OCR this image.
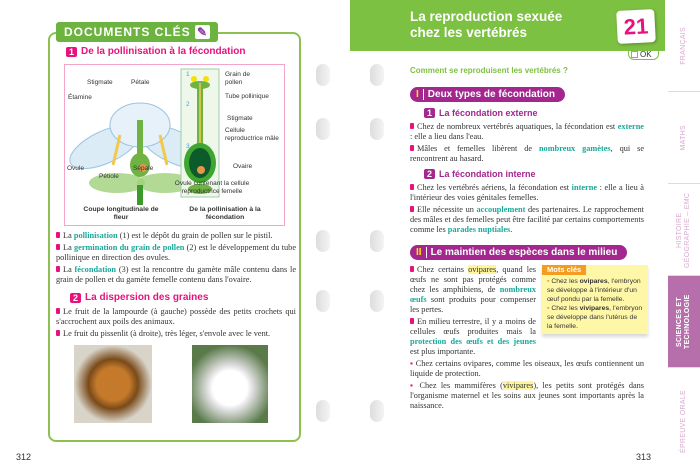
DOCUMENTS CLÉS ✎
1 De la pollinisation à la fécondation
Stigmate	Pétale
Étamine
Ovule
Pétiole
Sépale
1
2
3
Grain de pollen
Tube pollinique
Stigmate
Cellule reproductrice mâle
Ovaire
Ovule contenant la cellule reproductrice femelle
Coupe longitudinale de fleur
De la pollinisation à la fécondation

La pollinisation (1) est le dépôt du grain de pollen sur le pistil.

La germination du grain de pollen (2) est le développement du tube pollinique en direction des ovules.

La fécondation (3) est la rencontre du gamète mâle contenu dans le grain de pollen et du gamète femelle contenu dans l'ovaire.

2 La dispersion des graines

Le fruit de la lampourde (à gauche) possède des petits crochets qui s'accrochent aux poils des animaux.

Le fruit du pissenlit (à droite), très léger, s'envole avec le vent.

312
La reproduction sexuée
chez les vertébrés	21
OK
Comment se reproduisent les vertébrés ?
I Deux types de fécondation
1 La fécondation externe

Chez de nombreux vertébrés aquatiques, la fécondation est externe : elle a lieu dans l'eau.

Mâles et femelles libèrent de nombreux gamètes, qui se rencontrent au hasard.

2 La fécondation interne

Chez les vertébrés aériens, la fécondation est interne : elle a lieu à l'intérieur des voies génitales femelles.

Elle nécessite un accouplement des partenaires. Le rapprochement des mâles et des femelles peut être facilité par certains comportements comme les parades nuptiales.

II Le maintien des espèces dans le milieu
Mots clés

▪ Chez les ovipares, l'embryon se développe à l'intérieur d'un œuf pondu par la femelle.

▪ Chez les vivipares, l'embryon se développe dans l'utérus de la femelle.

Chez certains ovipares, quand les œufs ne sont pas protégés comme chez les amphibiens, de nombreux œufs sont produits pour compenser les pertes.

En milieu terrestre, il y a moins de cellules œufs produites mais la protection des œufs et des jeunes est plus importante.

▪ Chez certains ovipares, comme les oiseaux, les œufs contiennent un liquide de protection.

▪ Chez les mammifères (vivipares), les petits sont protégés dans l'organisme maternel et les soins aux jeunes sont importants après la naissance.

313
FRANÇAIS
MATHS
HISTOIRE GÉOGRAPHIE – EMC
SCIENCES ET TECHNOLOGIE
ÉPREUVE ORALE
